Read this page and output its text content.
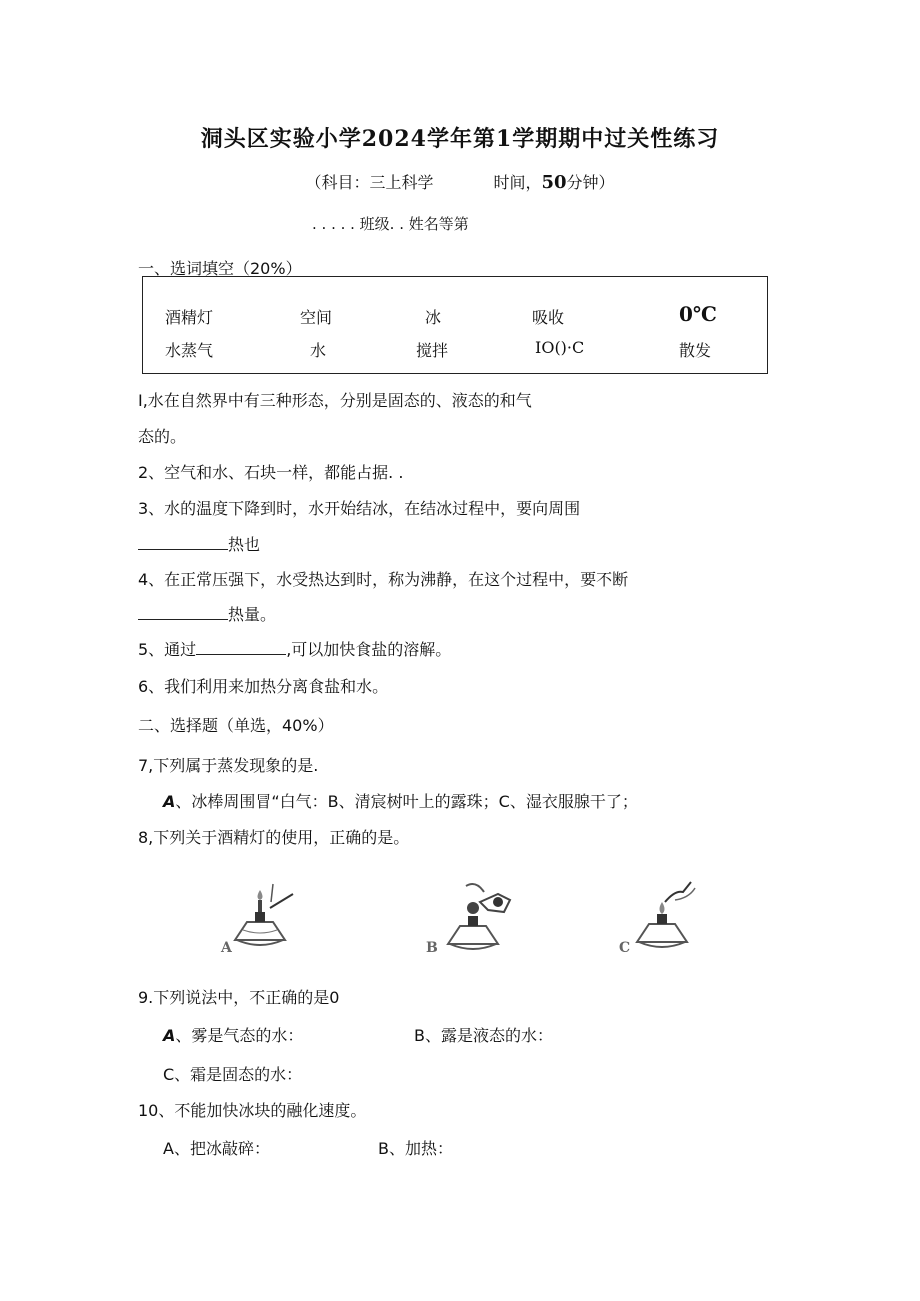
洞头区实验小学2024学年第1学期期中过关性练习
（科目：三上科学	时间，50分钟）
. . . . . 班级. . 姓名等第
一、选词填空（20%）
酒精灯	空间	冰	吸收	0℃
水蒸气	水	搅拌	IO()·C	散发
I,水在自然界中有三种形态，分别是固态的、液态的和气
态的。
2、空气和水、石块一样，都能占据. .
3、水的温度下降到时，水开始结冰，在结冰过程中，要向周围
热也
4、在正常压强下，水受热达到时，称为沸静，在这个过程中，要不断
热量。
5、通过	,可以加快食盐的溶解。
6、我们利用来加热分离食盐和水。
二、选择题（单选，40%）
7,下列属于蒸发现象的是.
A、冰棒周围冒“白气：B、清宸树叶上的露珠；C、湿衣服腺干了；
8,下列关于酒精灯的使用，正确的是。
A	B	C
9.下列说法中，不正确的是0
A、雾是气态的水：	B、露是液态的水：
C、霜是固态的水：
10、不能加快冰块的融化速度。
A、把冰敲碎：	B、加热：
